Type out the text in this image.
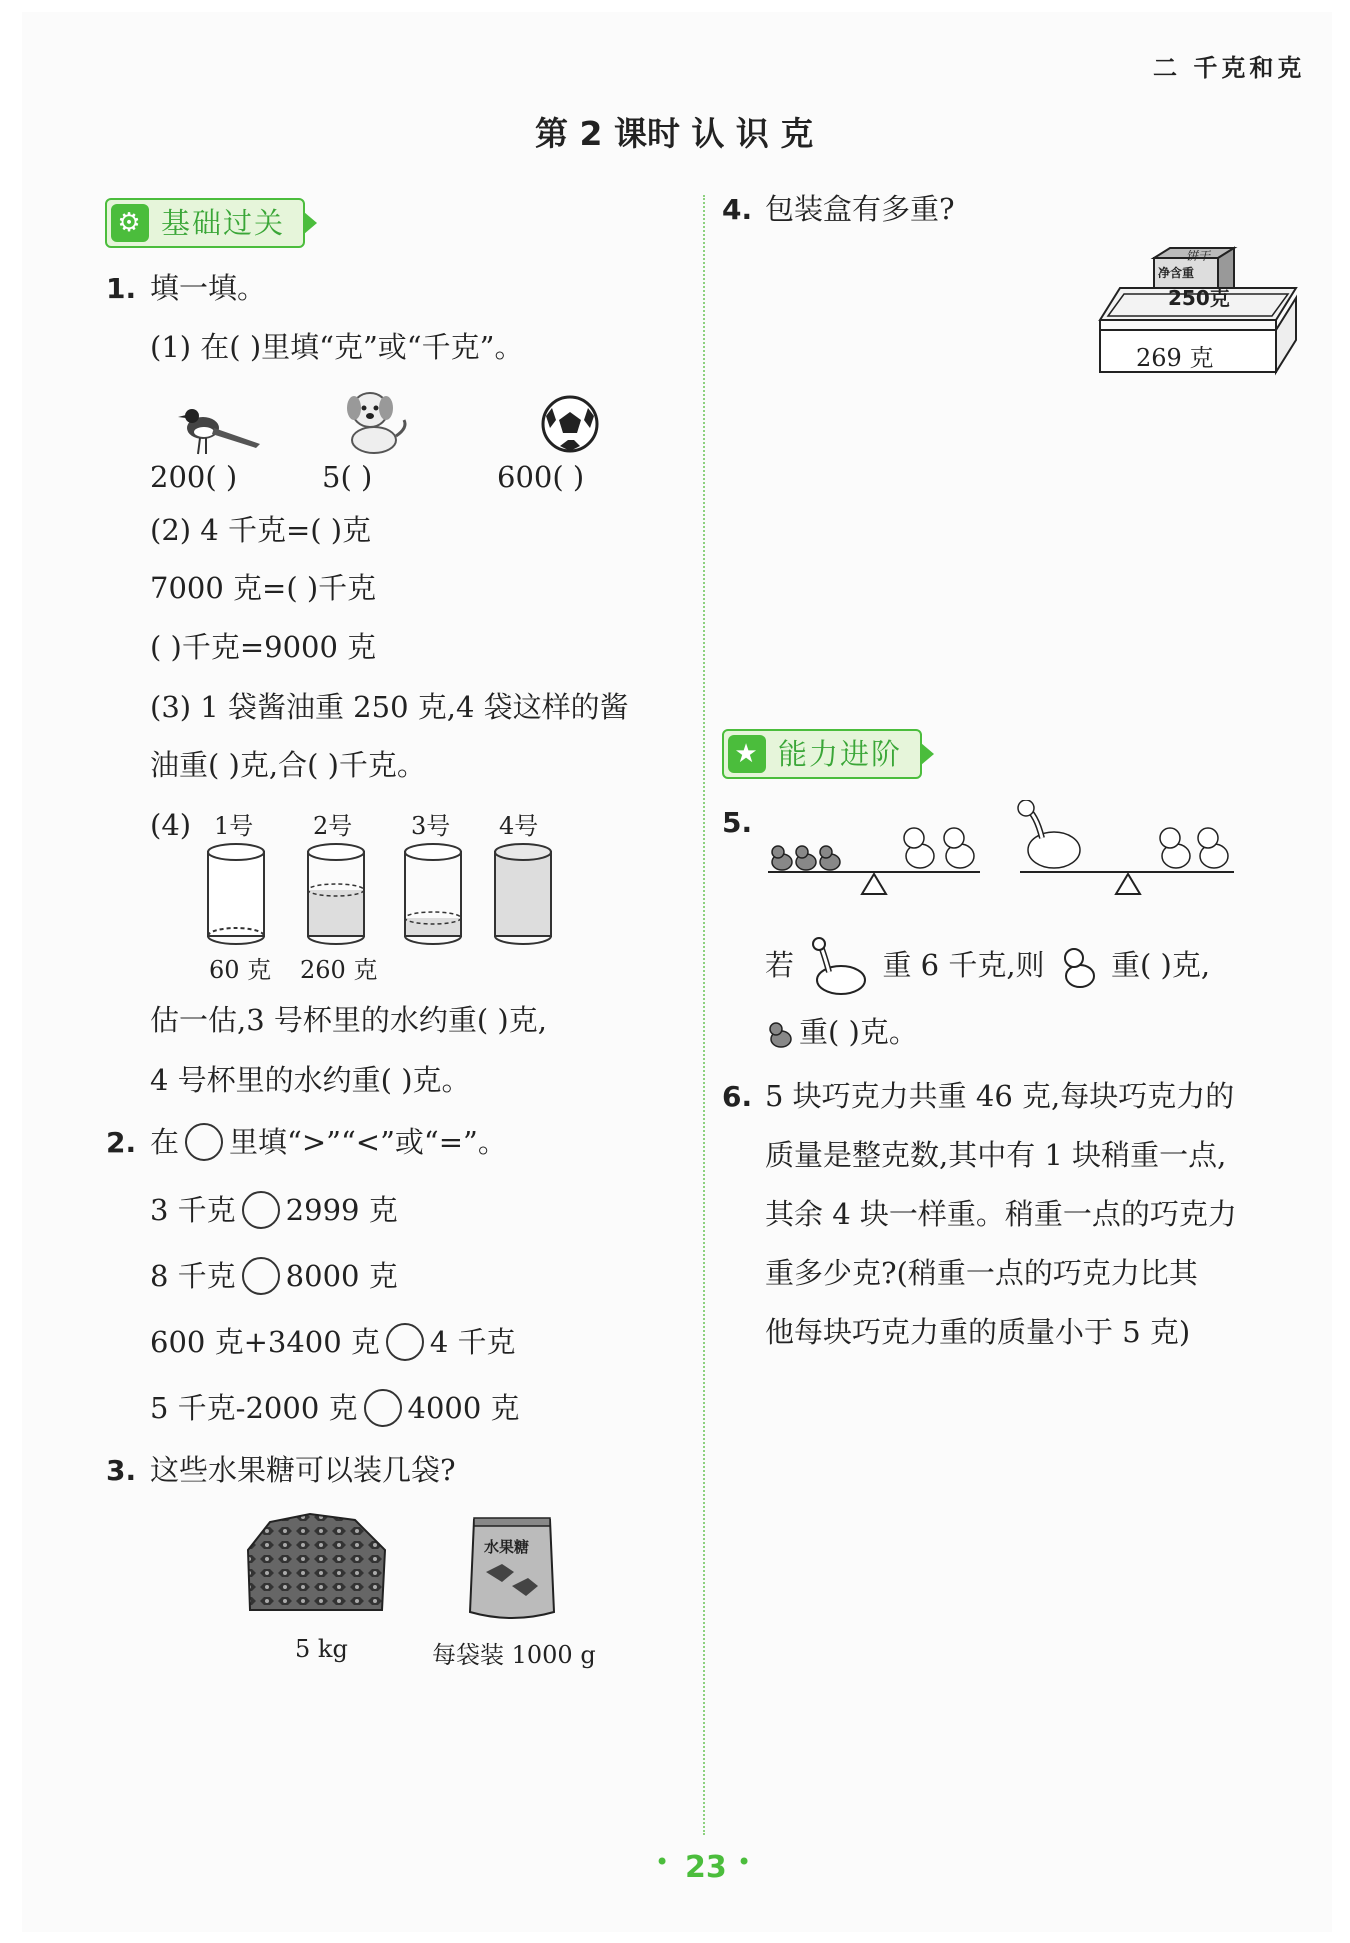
二 千克和克
第 2 课时 认 识 克
⚙ 基础过关
1. 填一填。
(1) 在( )里填“克”或“千克”。
200( )	5( )	600( )
(2) 4 千克=( )克
7000 克=( )千克
( )千克=9000 克
(3) 1 袋酱油重 250 克,4 袋这样的酱
油重( )克,合( )千克。
(4) 1号 2号 3号 4号
60 克 260 克
估一估,3 号杯里的水约重( )克,
4 号杯里的水约重( )克。
2. 在 里填“>”“<”或“=”。
3 千克 2999 克
8 千克 8000 克
600 克+3400 克 4 千克
5 千克-2000 克 4000 克
3. 这些水果糖可以装几袋?
5 kg
水果糖
每袋装 1000 g
4. 包装盒有多重?
饼干
净含重
250克
269 克
★ 能力进阶
5.
若	重 6 千克,则 重( )克,
重( )克。
6. 5 块巧克力共重 46 克,每块巧克力的
质量是整克数,其中有 1 块稍重一点,
其余 4 块一样重。稍重一点的巧克力
重多少克?(稍重一点的巧克力比其
他每块巧克力重的质量小于 5 克)
• 23 •
